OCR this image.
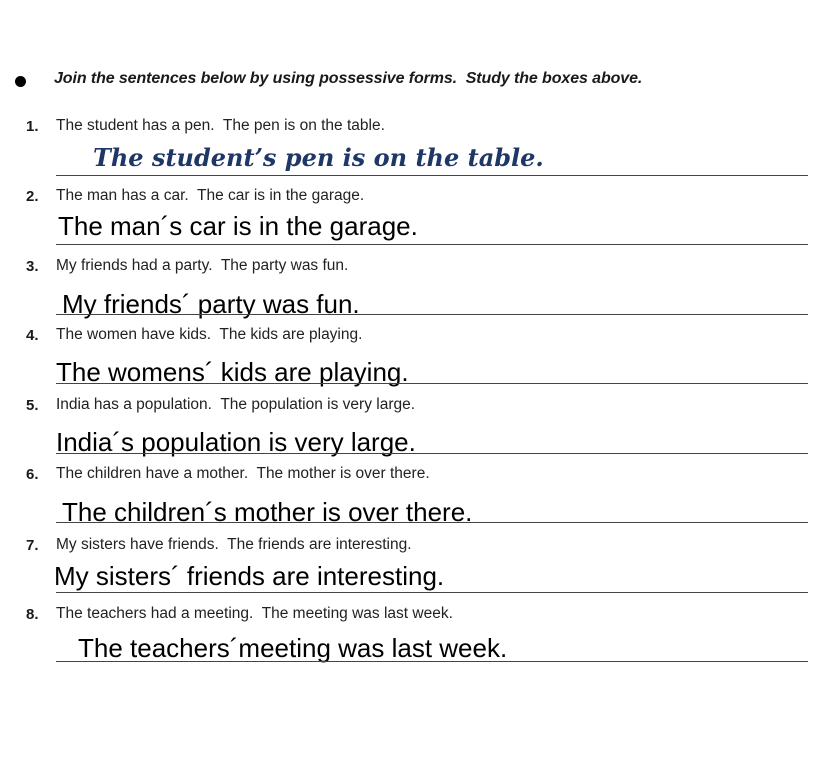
Join the sentences below by using possessive forms.  Study the boxes above.
1. The student has a pen.  The pen is on the table.
The student’s pen is on the table.
2. The man has a car.  The car is in the garage.
The man´s car is in the garage.
3. My friends had a party.  The party was fun.
My friends´ party was fun.
4. The women have kids.  The kids are playing.
The womens´ kids are playing.
5. India has a population.  The population is very large.
India´s population is very large.
6. The children have a mother.  The mother is over there.
The children´s mother is over there.
7. My sisters have friends.  The friends are interesting.
My sisters´ friends are interesting.
8. The teachers had a meeting.  The meeting was last week.
The teachers´meeting was last week.
